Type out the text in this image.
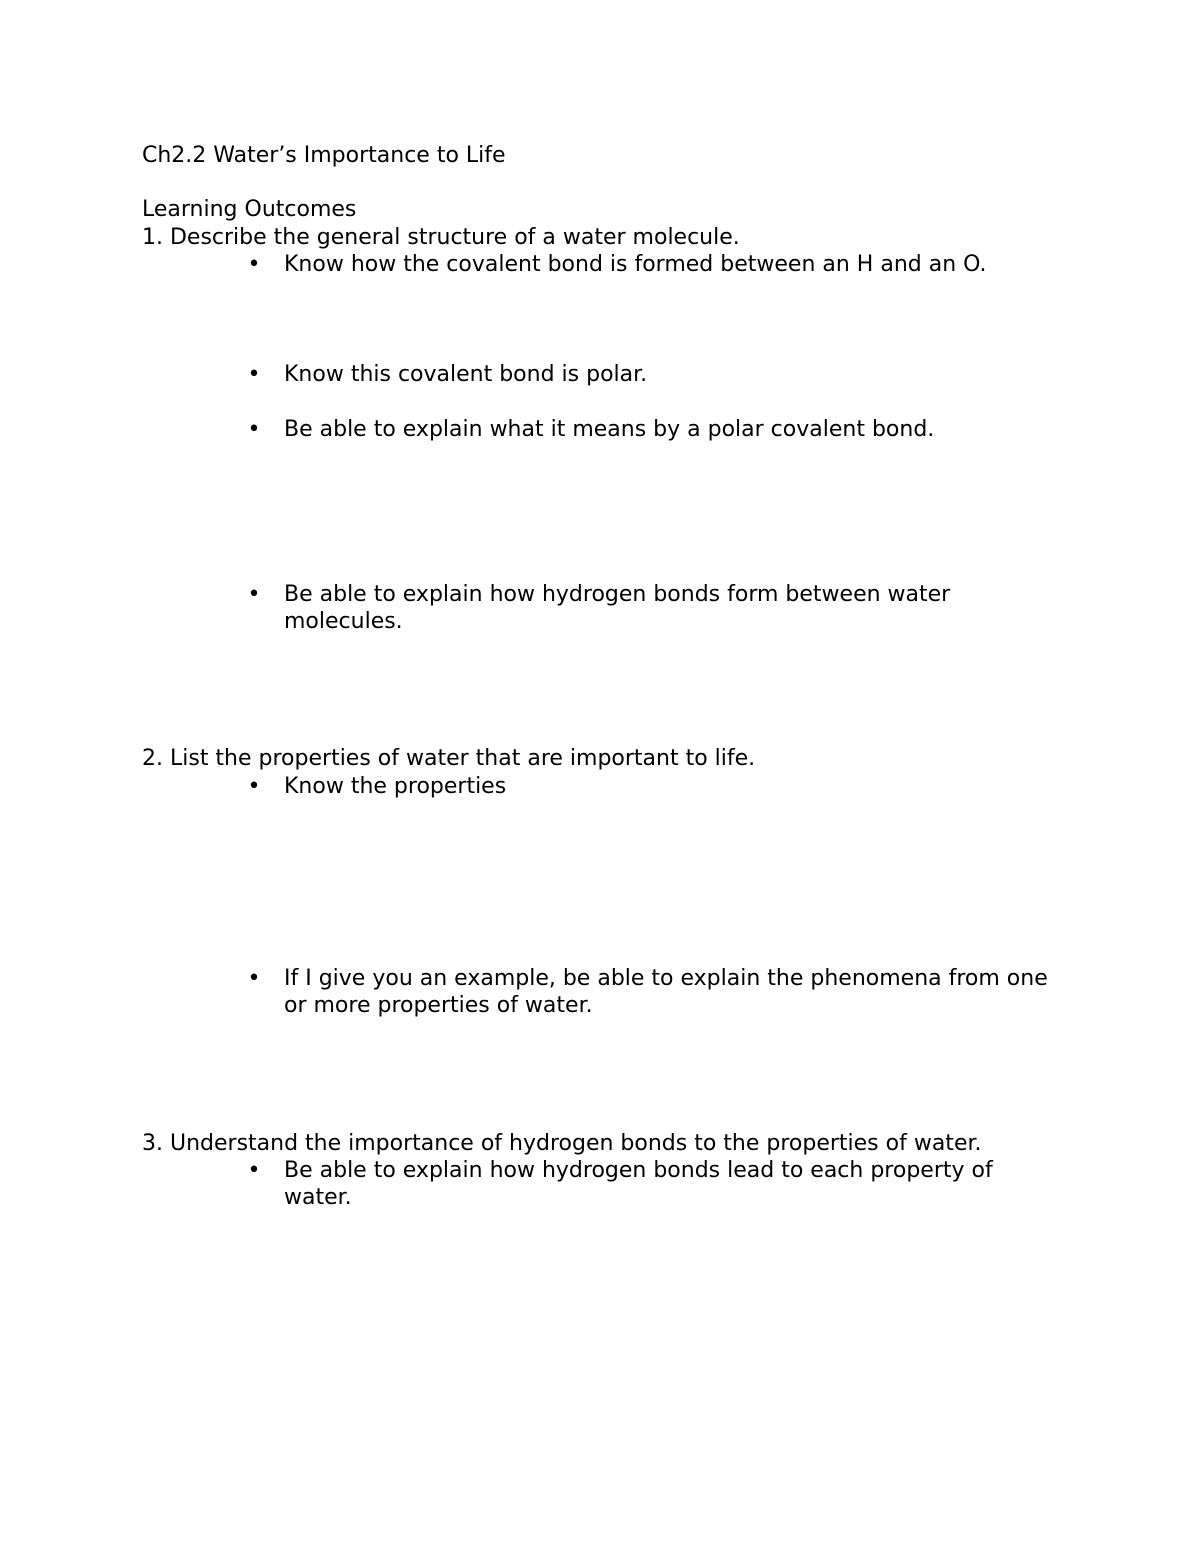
Ch2.2 Water’s Importance to Life

Learning Outcomes

1. Describe the general structure of a water molecule.

• Know how the covalent bond is formed between an H and an O.
• Know this covalent bond is polar.
• Be able to explain what it means by a polar covalent bond.
• Be able to explain how hydrogen bonds form between water molecules.

2. List the properties of water that are important to life.

• Know the properties
• If I give you an example, be able to explain the phenomena from one or more properties of water.

3. Understand the importance of hydrogen bonds to the properties of water.

• Be able to explain how hydrogen bonds lead to each property of water.
